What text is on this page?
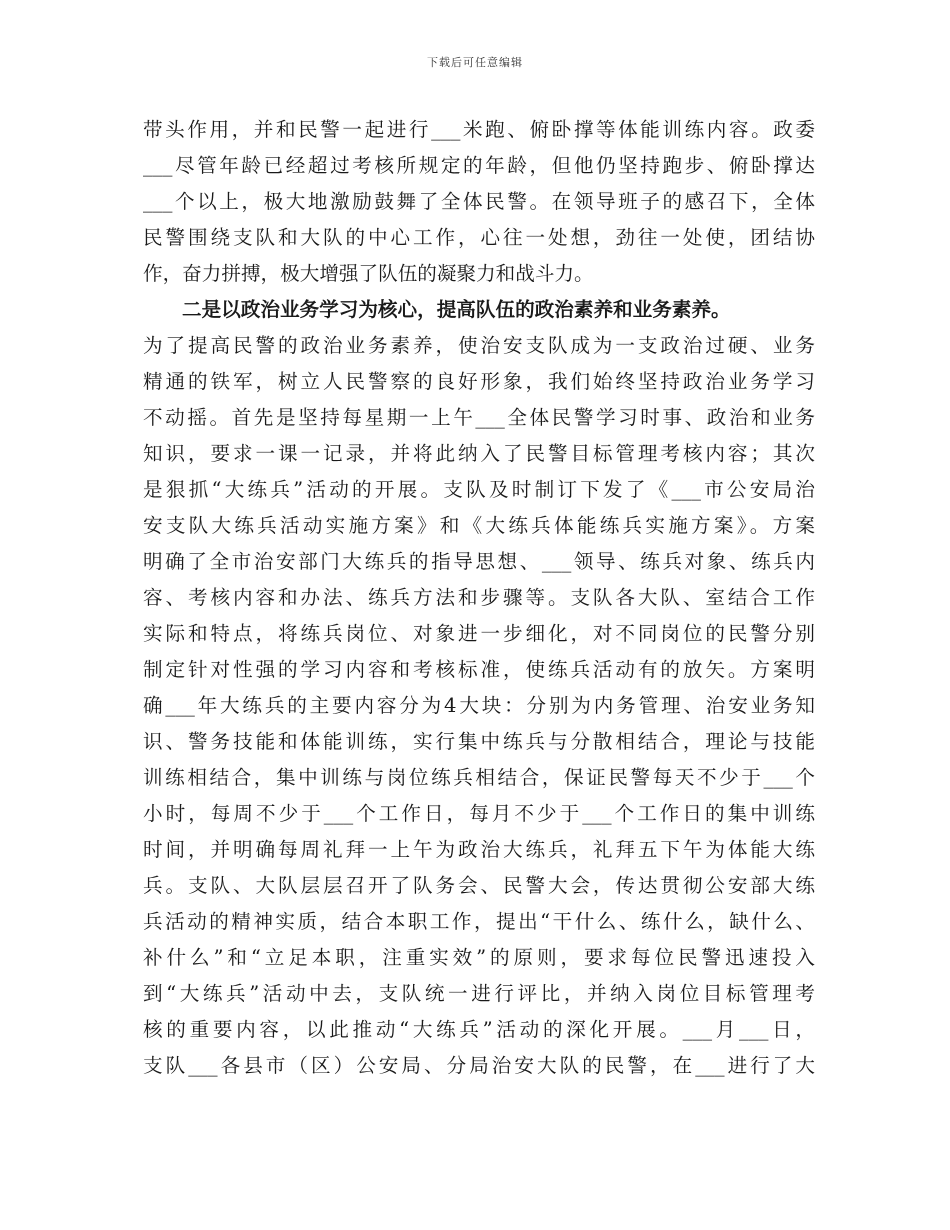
下载后可任意编辑
带头作用，并和民警一起进行___米跑、俯卧撑等体能训练内容。政委
___尽管年龄已经超过考核所规定的年龄，但他仍坚持跑步、俯卧撑达
___个以上，极大地激励鼓舞了全体民警。在领导班子的感召下，全体
民警围绕支队和大队的中心工作，心往一处想，劲往一处使，团结协
作，奋力拼搏，极大增强了队伍的凝聚力和战斗力。
二是以政治业务学习为核心，提高队伍的政治素养和业务素养。
为了提高民警的政治业务素养，使治安支队成为一支政治过硬、业务
精通的铁军，树立人民警察的良好形象，我们始终坚持政治业务学习
不动摇。首先是坚持每星期一上午___全体民警学习时事、政治和业务
知识，要求一课一记录，并将此纳入了民警目标管理考核内容；其次
是狠抓“大练兵”活动的开展。支队及时制订下发了《___市公安局治
安支队大练兵活动实施方案》和《大练兵体能练兵实施方案》。方案
明确了全市治安部门大练兵的指导思想、___领导、练兵对象、练兵内
容、考核内容和办法、练兵方法和步骤等。支队各大队、室结合工作
实际和特点，将练兵岗位、对象进一步细化，对不同岗位的民警分别
制定针对性强的学习内容和考核标准，使练兵活动有的放矢。方案明
确___年大练兵的主要内容分为4大块：分别为内务管理、治安业务知
识、警务技能和体能训练，实行集中练兵与分散相结合，理论与技能
训练相结合，集中训练与岗位练兵相结合，保证民警每天不少于___个
小时，每周不少于___个工作日，每月不少于___个工作日的集中训练
时间，并明确每周礼拜一上午为政治大练兵，礼拜五下午为体能大练
兵。支队、大队层层召开了队务会、民警大会，传达贯彻公安部大练
兵活动的精神实质，结合本职工作，提出“干什么、练什么，缺什么、
补什么”和“立足本职，注重实效”的原则，要求每位民警迅速投入
到“大练兵”活动中去，支队统一进行评比，并纳入岗位目标管理考
核的重要内容，以此推动“大练兵”活动的深化开展。___月___日，
支队___各县市（区）公安局、分局治安大队的民警，在___进行了大
